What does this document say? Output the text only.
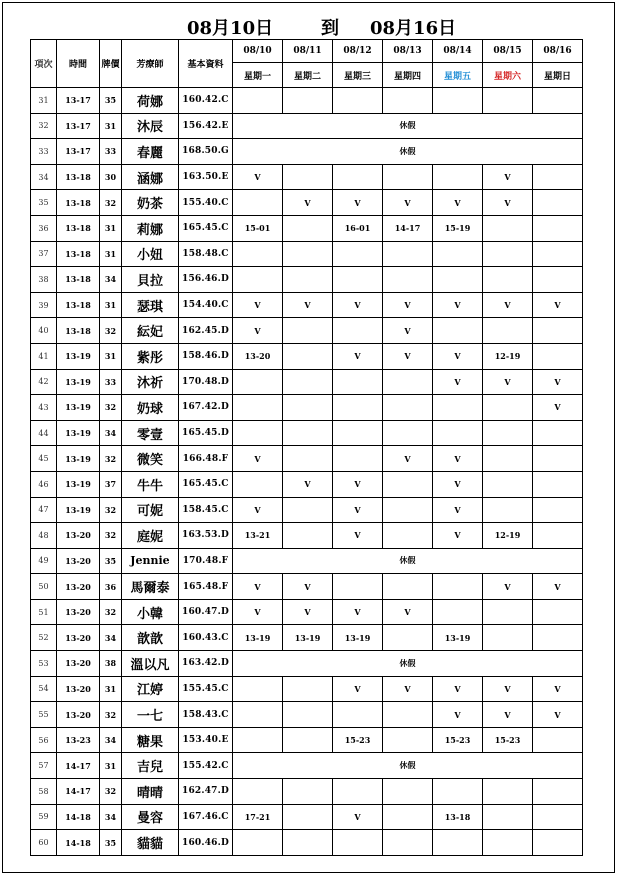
08月10日	到 08月16日
項次	時間	牌價	芳療師	基本資料	08/10	08/11	08/12	08/13	08/14	08/15	08/16
					星期一	星期二	星期三	星期四	星期五	星期六	星期日
31	13-17	35	荷娜	160.42.C							
32	13-17	31	沐辰	156.42.E	休假						
33	13-17	33	春麗	168.50.G	休假						
34	13-18	30	涵娜	163.50.E	V					V	
35	13-18	32	奶茶	155.40.C		V	V	V	V	V	
36	13-18	31	莉娜	165.45.C	15-01		16-01	14-17	15-19		
37	13-18	31	小妞	158.48.C							
38	13-18	34	貝拉	156.46.D							
39	13-18	31	瑟琪	154.40.C	V	V	V	V	V	V	V
40	13-18	32	紜妃	162.45.D	V			V			
41	13-19	31	紫彤	158.46.D	13-20		V	V	V	12-19	
42	13-19	33	沐祈	170.48.D					V	V	V
43	13-19	32	奶球	167.42.D							V
44	13-19	34	零壹	165.45.D							
45	13-19	32	微笑	166.48.F	V			V	V		
46	13-19	37	牛牛	165.45.C		V	V		V		
47	13-19	32	可妮	158.45.C	V		V		V		
48	13-20	32	庭妮	163.53.D	13-21		V		V	12-19	
49	13-20	35	Jennie	170.48.F	休假						
50	13-20	36	馬爾泰	165.48.F	V	V				V	V
51	13-20	32	小韓	160.47.D	V	V	V	V			
52	13-20	34	歆歆	160.43.C	13-19	13-19	13-19		13-19		
53	13-20	38	溫以凡	163.42.D	休假						
54	13-20	31	江婷	155.45.C			V	V	V	V	V
55	13-20	32	一七	158.43.C					V	V	V
56	13-23	34	糖果	153.40.E			15-23		15-23	15-23	
57	14-17	31	吉兒	155.42.C	休假						
58	14-17	32	晴晴	162.47.D							
59	14-18	34	曼容	167.46.C	17-21		V		13-18		
60	14-18	35	貓貓	160.46.D							
